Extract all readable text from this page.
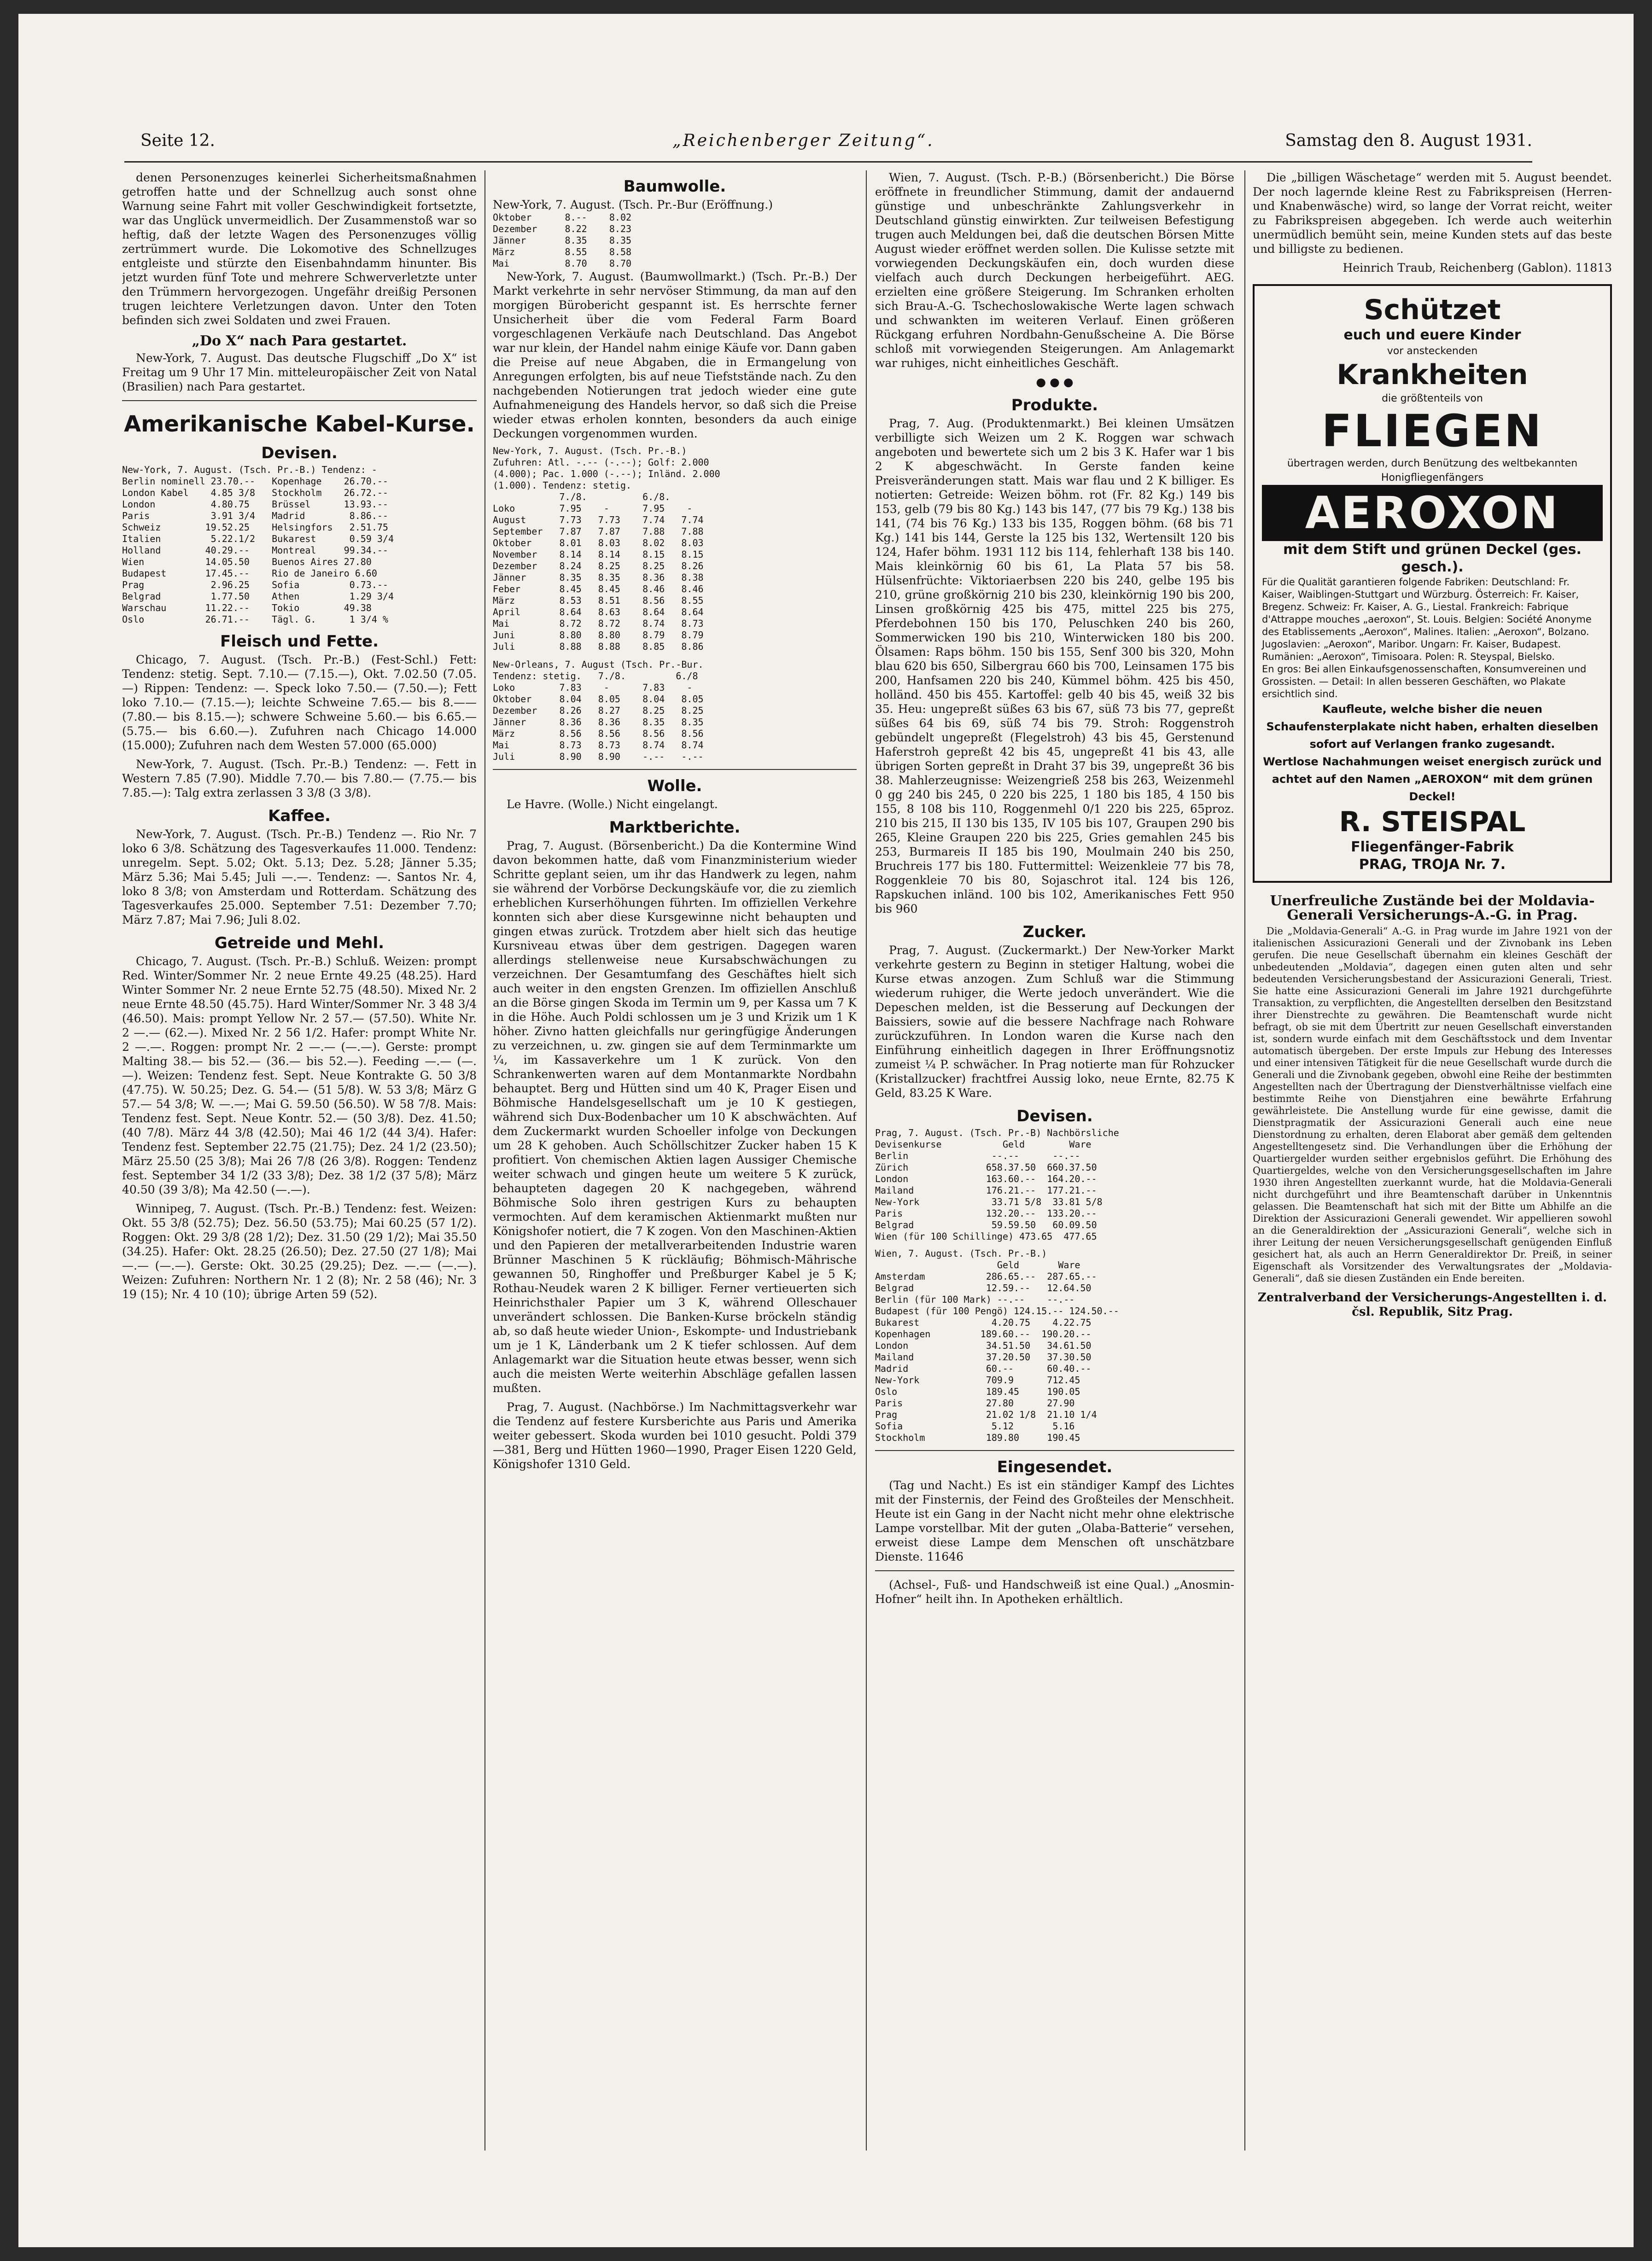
Seite 12.	„Reichenberger Zeitung“.	Samstag den 8. August 1931.

denen Personenzuges keinerlei Sicherheitsmaßnahmen getroffen hatte und der Schnellzug auch sonst ohne Warnung seine Fahrt mit voller Geschwindigkeit fortsetzte, war das Unglück unvermeidlich. Der Zusammenstoß war so heftig, daß der letzte Wagen des Personenzuges völlig zertrümmert wurde. Die Lokomotive des Schnellzuges entgleiste und stürzte den Eisenbahndamm hinunter. Bis jetzt wurden fünf Tote und mehrere Schwerverletzte unter den Trümmern hervorgezogen. Ungefähr dreißig Personen trugen leichtere Verletzungen davon. Unter den Toten befinden sich zwei Soldaten und zwei Frauen.

„Do X“ nach Para gestartet.

New-York, 7. August. Das deutsche Flugschiff „Do X“ ist Freitag um 9 Uhr 17 Min. mitteleuropäischer Zeit von Natal (Brasilien) nach Para gestartet.

Amerikanische Kabel-Kurse.
Devisen.
New-York, 7. August. (Tsch. Pr.-B.) Tendenz: -
Berlin nominell 23.70.--   Kopenhage    26.70.--
London Kabel    4.85 3/8   Stockholm    26.72.--
London          4.80.75    Brüssel      13.93.--
Paris           3.91 3/4   Madrid        8.86.--
Schweiz        19.52.25    Helsingfors   2.51.75
Italien         5.22.1/2   Bukarest      0.59 3/4
Holland        40.29.--    Montreal     99.34.--
Wien           14.05.50    Buenos Aires 27.80
Budapest       17.45.--    Rio de Janeiro 6.60
Prag            2.96.25    Sofia         0.73.--
Belgrad         1.77.50    Athen         1.29 3/4
Warschau       11.22.--    Tokio        49.38
Oslo           26.71.--    Tägl. G.      1 3/4 %
Fleisch und Fette.

Chicago, 7. August. (Tsch. Pr.-B.) (Fest-Schl.) Fett: Tendenz: stetig. Sept. 7.10.— (7.15.—), Okt. 7.02.50 (7.05.—) Rippen: Tendenz: —. Speck loko 7.50.— (7.50.—); Fett loko 7.10.— (7.15.—); leichte Schweine 7.65.— bis 8.—— (7.80.— bis 8.15.—); schwere Schweine 5.60.— bis 6.65.— (5.75.— bis 6.60.—). Zufuhren nach Chicago 14.000 (15.000); Zufuhren nach dem Westen 57.000 (65.000)

New-York, 7. August. (Tsch. Pr.-B.) Tendenz: —. Fett in Western 7.85 (7.90). Middle 7.70.— bis 7.80.— (7.75.— bis 7.85.—): Talg extra zerlassen 3 3/8 (3 3/8).

Kaffee.

New-York, 7. August. (Tsch. Pr.-B.) Tendenz —. Rio Nr. 7 loko 6 3/8. Schätzung des Tagesverkaufes 11.000. Tendenz: unregelm. Sept. 5.02; Okt. 5.13; Dez. 5.28; Jänner 5.35; März 5.36; Mai 5.45; Juli —.—. Tendenz: —. Santos Nr. 4, loko 8 3/8; von Amsterdam und Rotterdam. Schätzung des Tagesverkaufes 25.000. September 7.51: Dezember 7.70; März 7.87; Mai 7.96; Juli 8.02.

Getreide und Mehl.

Chicago, 7. August. (Tsch. Pr.-B.) Schluß. Weizen: prompt Red. Winter/Sommer Nr. 2 neue Ernte 49.25 (48.25). Hard Winter Sommer Nr. 2 neue Ernte 52.75 (48.50). Mixed Nr. 2 neue Ernte 48.50 (45.75). Hard Winter/Sommer Nr. 3 48 3/4 (46.50). Mais: prompt Yellow Nr. 2 57.— (57.50). White Nr. 2 —.— (62.—). Mixed Nr. 2 56 1/2. Hafer: prompt White Nr. 2 —.—. Roggen: prompt Nr. 2 —.— (—.—). Gerste: prompt Malting 38.— bis 52.— (36.— bis 52.—). Feeding —.— (—.—). Weizen: Tendenz fest. Sept. Neue Kontrakte G. 50 3/8 (47.75). W. 50.25; Dez. G. 54.— (51 5/8). W. 53 3/8; März G 57.— 54 3/8; W. —.—; Mai G. 59.50 (56.50). W 58 7/8. Mais: Tendenz fest. Sept. Neue Kontr. 52.— (50 3/8). Dez. 41.50; (40 7/8). März 44 3/8 (42.50); Mai 46 1/2 (44 3/4). Hafer: Tendenz fest. September 22.75 (21.75); Dez. 24 1/2 (23.50); März 25.50 (25 3/8); Mai 26 7/8 (26 3/8). Roggen: Tendenz fest. September 34 1/2 (33 3/8); Dez. 38 1/2 (37 5/8); März 40.50 (39 3/8); Ma 42.50 (—.—).

Winnipeg, 7. August. (Tsch. Pr.-B.) Tendenz: fest. Weizen: Okt. 55 3/8 (52.75); Dez. 56.50 (53.75); Mai 60.25 (57 1/2). Roggen: Okt. 29 3/8 (28 1/2); Dez. 31.50 (29 1/2); Mai 35.50 (34.25). Hafer: Okt. 28.25 (26.50); Dez. 27.50 (27 1/8); Mai —.— (—.—). Gerste: Okt. 30.25 (29.25); Dez. —.— (—.—). Weizen: Zufuhren: Northern Nr. 1 2 (8); Nr. 2 58 (46); Nr. 3 19 (15); Nr. 4 10 (10); übrige Arten 59 (52).

Baumwolle.
New-York, 7. August. (Tsch. Pr.-Bur (Eröffnung.)
Oktober      8.--    8.02
Dezember     8.22    8.23
Jänner       8.35    8.35
März         8.55    8.58
Mai          8.70    8.70

New-York, 7. August. (Baumwollmarkt.) (Tsch. Pr.-B.) Der Markt verkehrte in sehr nervöser Stimmung, da man auf den morgigen Bürobericht gespannt ist. Es herrschte ferner Unsicherheit über die vom Federal Farm Board vorgeschlagenen Verkäufe nach Deutschland. Das Angebot war nur klein, der Handel nahm einige Käufe vor. Dann gaben die Preise auf neue Abgaben, die in Ermangelung von Anregungen erfolgten, bis auf neue Tiefststände nach. Zu den nachgebenden Notierungen trat jedoch wieder eine gute Aufnahmeneigung des Handels hervor, so daß sich die Preise wieder etwas erholen konnten, besonders da auch einige Deckungen vorgenommen wurden.

New-York, 7. August. (Tsch. Pr.-B.)
Zufuhren: Atl. -.-- (-.--); Golf: 2.000
(4.000); Pac. 1.000 (-.--); Inländ. 2.000
(1.000). Tendenz: stetig.
7./8.          6./8.
Loko        7.95    -      7.95    -
August      7.73   7.73    7.74   7.74
September   7.87   7.87    7.88   7.88
Oktober     8.01   8.03    8.02   8.03
November    8.14   8.14    8.15   8.15
Dezember    8.24   8.25    8.25   8.26
Jänner      8.35   8.35    8.36   8.38
Feber       8.45   8.45    8.46   8.46
März        8.53   8.51    8.56   8.55
April       8.64   8.63    8.64   8.64
Mai         8.72   8.72    8.74   8.73
Juni        8.80   8.80    8.79   8.79
Juli        8.88   8.88    8.85   8.86
New-Orleans, 7. August (Tsch. Pr.-Bur.
Tendenz: stetig.   7./8.         6./8
Loko        7.83    -      7.83    -
Oktober     8.04   8.05    8.04   8.05
Dezember    8.26   8.27    8.25   8.25
Jänner      8.36   8.36    8.35   8.35
März        8.56   8.56    8.56   8.56
Mai         8.73   8.73    8.74   8.74
Juli        8.90   8.90    -.--   -.--
Wolle.

Le Havre. (Wolle.) Nicht eingelangt.

Marktberichte.

Prag, 7. August. (Börsenbericht.) Da die Kontermine Wind davon bekommen hatte, daß vom Finanzministerium wieder Schritte geplant seien, um ihr das Handwerk zu legen, nahm sie während der Vorbörse Deckungskäufe vor, die zu ziemlich erheblichen Kurserhöhungen führten. Im offiziellen Verkehre konnten sich aber diese Kursgewinne nicht behaupten und gingen etwas zurück. Trotzdem aber hielt sich das heutige Kursniveau etwas über dem gestrigen. Dagegen waren allerdings stellenweise neue Kursabschwächungen zu verzeichnen. Der Gesamtumfang des Geschäftes hielt sich auch weiter in den engsten Grenzen. Im offiziellen Anschluß an die Börse gingen Skoda im Termin um 9, per Kassa um 7 K in die Höhe. Auch Poldi schlossen um je 3 und Krizik um 1 K höher. Zivno hatten gleichfalls nur geringfügige Änderungen zu verzeichnen, u. zw. gingen sie auf dem Terminmarkte um ¼, im Kassaverkehre um 1 K zurück. Von den Schrankenwerten waren auf dem Montanmarkte Nordbahn behauptet. Berg und Hütten sind um 40 K, Prager Eisen und Böhmische Handelsgesellschaft um je 10 K gestiegen, während sich Dux-Bodenbacher um 10 K abschwächten. Auf dem Zuckermarkt wurden Schoeller infolge von Deckungen um 28 K gehoben. Auch Schöllschitzer Zucker haben 15 K profitiert. Von chemischen Aktien lagen Aussiger Chemische weiter schwach und gingen heute um weitere 5 K zurück, behaupteten dagegen 20 K nachgegeben, während Böhmische Solo ihren gestrigen Kurs zu behaupten vermochten. Auf dem keramischen Aktienmarkt mußten nur Königshofer notiert, die 7 K zogen. Von den Maschinen-Aktien und den Papieren der metallverarbeitenden Industrie waren Brünner Maschinen 5 K rückläufig; Böhmisch-Mährische gewannen 50, Ringhoffer und Preßburger Kabel je 5 K; Rothau-Neudek waren 2 K billiger. Ferner vertieuerten sich Heinrichsthaler Papier um 3 K, während Olleschauer unverändert schlossen. Die Banken-Kurse bröckeln ständig ab, so daß heute wieder Union-, Eskompte- und Industriebank um je 1 K, Länderbank um 2 K tiefer schlossen. Auf dem Anlagemarkt war die Situation heute etwas besser, wenn sich auch die meisten Werte weiterhin Abschläge gefallen lassen mußten.

Prag, 7. August. (Nachbörse.) Im Nachmittagsverkehr war die Tendenz auf festere Kursberichte aus Paris und Amerika weiter gebessert. Skoda wurden bei 1010 gesucht. Poldi 379—381, Berg und Hütten 1960—1990, Prager Eisen 1220 Geld, Königshofer 1310 Geld.

Wien, 7. August. (Tsch. P.-B.) (Börsenbericht.) Die Börse eröffnete in freundlicher Stimmung, damit der andauernd günstige und unbeschränkte Zahlungsverkehr in Deutschland günstig einwirkten. Zur teilweisen Befestigung trugen auch Meldungen bei, daß die deutschen Börsen Mitte August wieder eröffnet werden sollen. Die Kulisse setzte mit vorwiegenden Deckungskäufen ein, doch wurden diese vielfach auch durch Deckungen herbeigeführt. AEG. erzielten eine größere Steigerung. Im Schranken erholten sich Brau-A.-G. Tschechoslowakische Werte lagen schwach und schwankten im weiteren Verlauf. Einen größeren Rückgang erfuhren Nordbahn-Genußscheine A. Die Börse schloß mit vorwiegenden Steigerungen. Am Anlagemarkt war ruhiges, nicht einheitliches Geschäft.

● ● ●
Produkte.

Prag, 7. Aug. (Produktenmarkt.) Bei kleinen Umsätzen verbilligte sich Weizen um 2 K. Roggen war schwach angeboten und bewertete sich um 2 bis 3 K. Hafer war 1 bis 2 K abgeschwächt. In Gerste fanden keine Preisveränderungen statt. Mais war flau und 2 K billiger. Es notierten: Getreide: Weizen böhm. rot (Fr. 82 Kg.) 149 bis 153, gelb (79 bis 80 Kg.) 143 bis 147, (77 bis 79 Kg.) 138 bis 141, (74 bis 76 Kg.) 133 bis 135, Roggen böhm. (68 bis 71 Kg.) 141 bis 144, Gerste la 125 bis 132, Wertensilt 120 bis 124, Hafer böhm. 1931 112 bis 114, fehlerhaft 138 bis 140. Mais kleinkörnig 60 bis 61, La Plata 57 bis 58. Hülsenfrüchte: Viktoriaerbsen 220 bis 240, gelbe 195 bis 210, grüne großkörnig 210 bis 230, kleinkörnig 190 bis 200, Linsen großkörnig 425 bis 475, mittel 225 bis 275, Pferdebohnen 150 bis 170, Peluschken 240 bis 260, Sommerwicken 190 bis 210, Winterwicken 180 bis 200. Ölsamen: Raps böhm. 150 bis 155, Senf 300 bis 320, Mohn blau 620 bis 650, Silbergrau 660 bis 700, Leinsamen 175 bis 200, Hanfsamen 220 bis 240, Kümmel böhm. 425 bis 450, holländ. 450 bis 455. Kartoffel: gelb 40 bis 45, weiß 32 bis 35. Heu: ungepreßt süßes 63 bis 67, süß 73 bis 77, gepreßt süßes 64 bis 69, süß 74 bis 79. Stroh: Roggenstroh gebündelt ungepreßt (Flegelstroh) 43 bis 45, Gerstenund Haferstroh gepreßt 42 bis 45, ungepreßt 41 bis 43, alle übrigen Sorten gepreßt in Draht 37 bis 39, ungepreßt 36 bis 38. Mahlerzeugnisse: Weizengrieß 258 bis 263, Weizenmehl 0 gg 240 bis 245, 0 220 bis 225, 1 180 bis 185, 4 150 bis 155, 8 108 bis 110, Roggenmehl 0/1 220 bis 225, 65proz. 210 bis 215, II 130 bis 135, IV 105 bis 107, Graupen 290 bis 265, Kleine Graupen 220 bis 225, Gries gemahlen 245 bis 253, Burmareis II 185 bis 190, Moulmain 240 bis 250, Bruchreis 177 bis 180. Futtermittel: Weizenkleie 77 bis 78, Roggenkleie 70 bis 80, Sojaschrot ital. 124 bis 126, Rapskuchen inländ. 100 bis 102, Amerikanisches Fett 950 bis 960

Zucker.

Prag, 7. August. (Zuckermarkt.) Der New-Yorker Markt verkehrte gestern zu Beginn in stetiger Haltung, wobei die Kurse etwas anzogen. Zum Schluß war die Stimmung wiederum ruhiger, die Werte jedoch unverändert. Wie die Depeschen melden, ist die Besserung auf Deckungen der Baissiers, sowie auf die bessere Nachfrage nach Rohware zurückzuführen. In London waren die Kurse nach den Einführung einheitlich dagegen in Ihrer Eröffnungsnotiz zumeist ¼ P. schwächer. In Prag notierte man für Rohzucker (Kristallzucker) frachtfrei Aussig loko, neue Ernte, 82.75 K Geld, 83.25 K Ware.

Devisen.
Prag, 7. August. (Tsch. Pr.-B) Nachbörsliche
Devisenkurse           Geld        Ware
Berlin               --.--      --.--
Zürich              658.37.50  660.37.50
London              163.60.--  164.20.--
Mailand             176.21.--  177.21.--
New-York             33.71 5/8  33.81 5/8
Paris               132.20.--  133.20.--
Belgrad              59.59.50   60.09.50
Wien (für 100 Schillinge) 473.65  477.65
Wien, 7. August. (Tsch. Pr.-B.)
Geld       Ware
Amsterdam           286.65.--  287.65.--
Belgrad             12.59.--   12.64.50
Berlin (für 100 Mark) --.--    --.--
Budapest (für 100 Pengö) 124.15.-- 124.50.--
Bukarest             4.20.75    4.22.75
Kopenhagen         189.60.--  190.20.--
London              34.51.50   34.61.50
Mailand             37.20.50   37.30.50
Madrid              60.--      60.40.--
New-York            709.9      712.45
Oslo                189.45     190.05
Paris               27.80      27.90
Prag                21.02 1/8  21.10 1/4
Sofia                5.12       5.16
Stockholm           189.80     190.45
Eingesendet.

(Tag und Nacht.) Es ist ein ständiger Kampf des Lichtes mit der Finsternis, der Feind des Großteiles der Menschheit. Heute ist ein Gang in der Nacht nicht mehr ohne elektrische Lampe vorstellbar. Mit der guten „Olaba-Batterie“ versehen, erweist diese Lampe dem Menschen oft unschätzbare Dienste. 11646

(Achsel-, Fuß- und Handschweiß ist eine Qual.) „Anosmin-Hofner“ heilt ihn. In Apotheken erhältlich.

Die „billigen Wäschetage“ werden mit 5. August beendet. Der noch lagernde kleine Rest zu Fabrikspreisen (Herren- und Knabenwäsche) wird, so lange der Vorrat reicht, weiter zu Fabrikspreisen abgegeben. Ich werde auch weiterhin unermüdlich bemüht sein, meine Kunden stets auf das beste und billigste zu bedienen.

Heinrich Traub, Reichenberg (Gablon). 11813
Schützet
euch und euere Kinder
vor ansteckenden
Krankheiten
die größtenteils von
FLIEGEN
übertragen werden, durch Benützung des weltbekannten Honigfliegenfängers
AEROXON
mit dem Stift und grünen Deckel (ges. gesch.).
Für die Qualität garantieren folgende Fabriken: Deutschland: Fr. Kaiser, Waiblingen-Stuttgart und Würzburg. Österreich: Fr. Kaiser, Bregenz. Schweiz: Fr. Kaiser, A. G., Liestal. Frankreich: Fabrique d'Attrappe mouches „aeroxon“, St. Louis. Belgien: Société Anonyme des Etablissements „Aeroxon“, Malines. Italien: „Aeroxon“, Bolzano. Jugoslavien: „Aeroxon“, Maribor. Ungarn: Fr. Kaiser, Budapest. Rumänien: „Aeroxon“, Timisoara. Polen: R. Steyspal, Bielsko.
En gros: Bei allen Einkaufsgenossenschaften, Konsumvereinen und Grossisten. — Detail: In allen besseren Geschäften, wo Plakate ersichtlich sind.
Kaufleute, welche bisher die neuen Schaufensterplakate nicht haben, erhalten dieselben sofort auf Verlangen franko zugesandt.
Wertlose Nachahmungen weiset energisch zurück und achtet auf den Namen „AEROXON“ mit dem grünen Deckel!
R. STEISPAL
Fliegenfänger-Fabrik
PRAG, TROJA Nr. 7.
Unerfreuliche Zustände bei der Moldavia-Generali Versicherungs-A.-G. in Prag.

Die „Moldavia-Generali“ A.-G. in Prag wurde im Jahre 1921 von der italienischen Assicurazioni Generali und der Zivnobank ins Leben gerufen. Die neue Gesellschaft übernahm ein kleines Geschäft der unbedeutenden „Moldavia“, dagegen einen guten alten und sehr bedeutenden Versicherungsbestand der Assicurazioni Generali, Triest. Sie hatte eine Assicurazioni Generali im Jahre 1921 durchgeführte Transaktion, zu verpflichten, die Angestellten derselben den Besitzstand ihrer Dienstrechte zu gewähren. Die Beamtenschaft wurde nicht befragt, ob sie mit dem Übertritt zur neuen Gesellschaft einverstanden ist, sondern wurde einfach mit dem Geschäftsstock und dem Inventar automatisch übergeben. Der erste Impuls zur Hebung des Interesses und einer intensiven Tätigkeit für die neue Gesellschaft wurde durch die Generali und die Zivnobank gegeben, obwohl eine Reihe der bestimmten Angestellten nach der Übertragung der Dienstverhältnisse vielfach eine bestimmte Reihe von Dienstjahren eine bewährte Erfahrung gewährleistete. Die Anstellung wurde für eine gewisse, damit die Dienstpragmatik der Assicurazioni Generali auch eine neue Dienstordnung zu erhalten, deren Elaborat aber gemäß dem geltenden Angestelltengesetz sind. Die Verhandlungen über die Erhöhung der Quartiergelder wurden seither ergebnislos geführt. Die Erhöhung des Quartiergeldes, welche von den Versicherungsgesellschaften im Jahre 1930 ihren Angestellten zuerkannt wurde, hat die Moldavia-Generali nicht durchgeführt und ihre Beamtenschaft darüber in Unkenntnis gelassen. Die Beamtenschaft hat sich mit der Bitte um Abhilfe an die Direktion der Assicurazioni Generali gewendet. Wir appellieren sowohl an die Generaldirektion der „Assicurazioni Generali“, welche sich in ihrer Leitung der neuen Versicherungsgesellschaft genügenden Einfluß gesichert hat, als auch an Herrn Generaldirektor Dr. Preiß, in seiner Eigenschaft als Vorsitzender des Verwaltungsrates der „Moldavia-Generali“, daß sie diesen Zuständen ein Ende bereiten.

Zentralverband der Versicherungs-Angestellten i. d. čsl. Republik, Sitz Prag.
